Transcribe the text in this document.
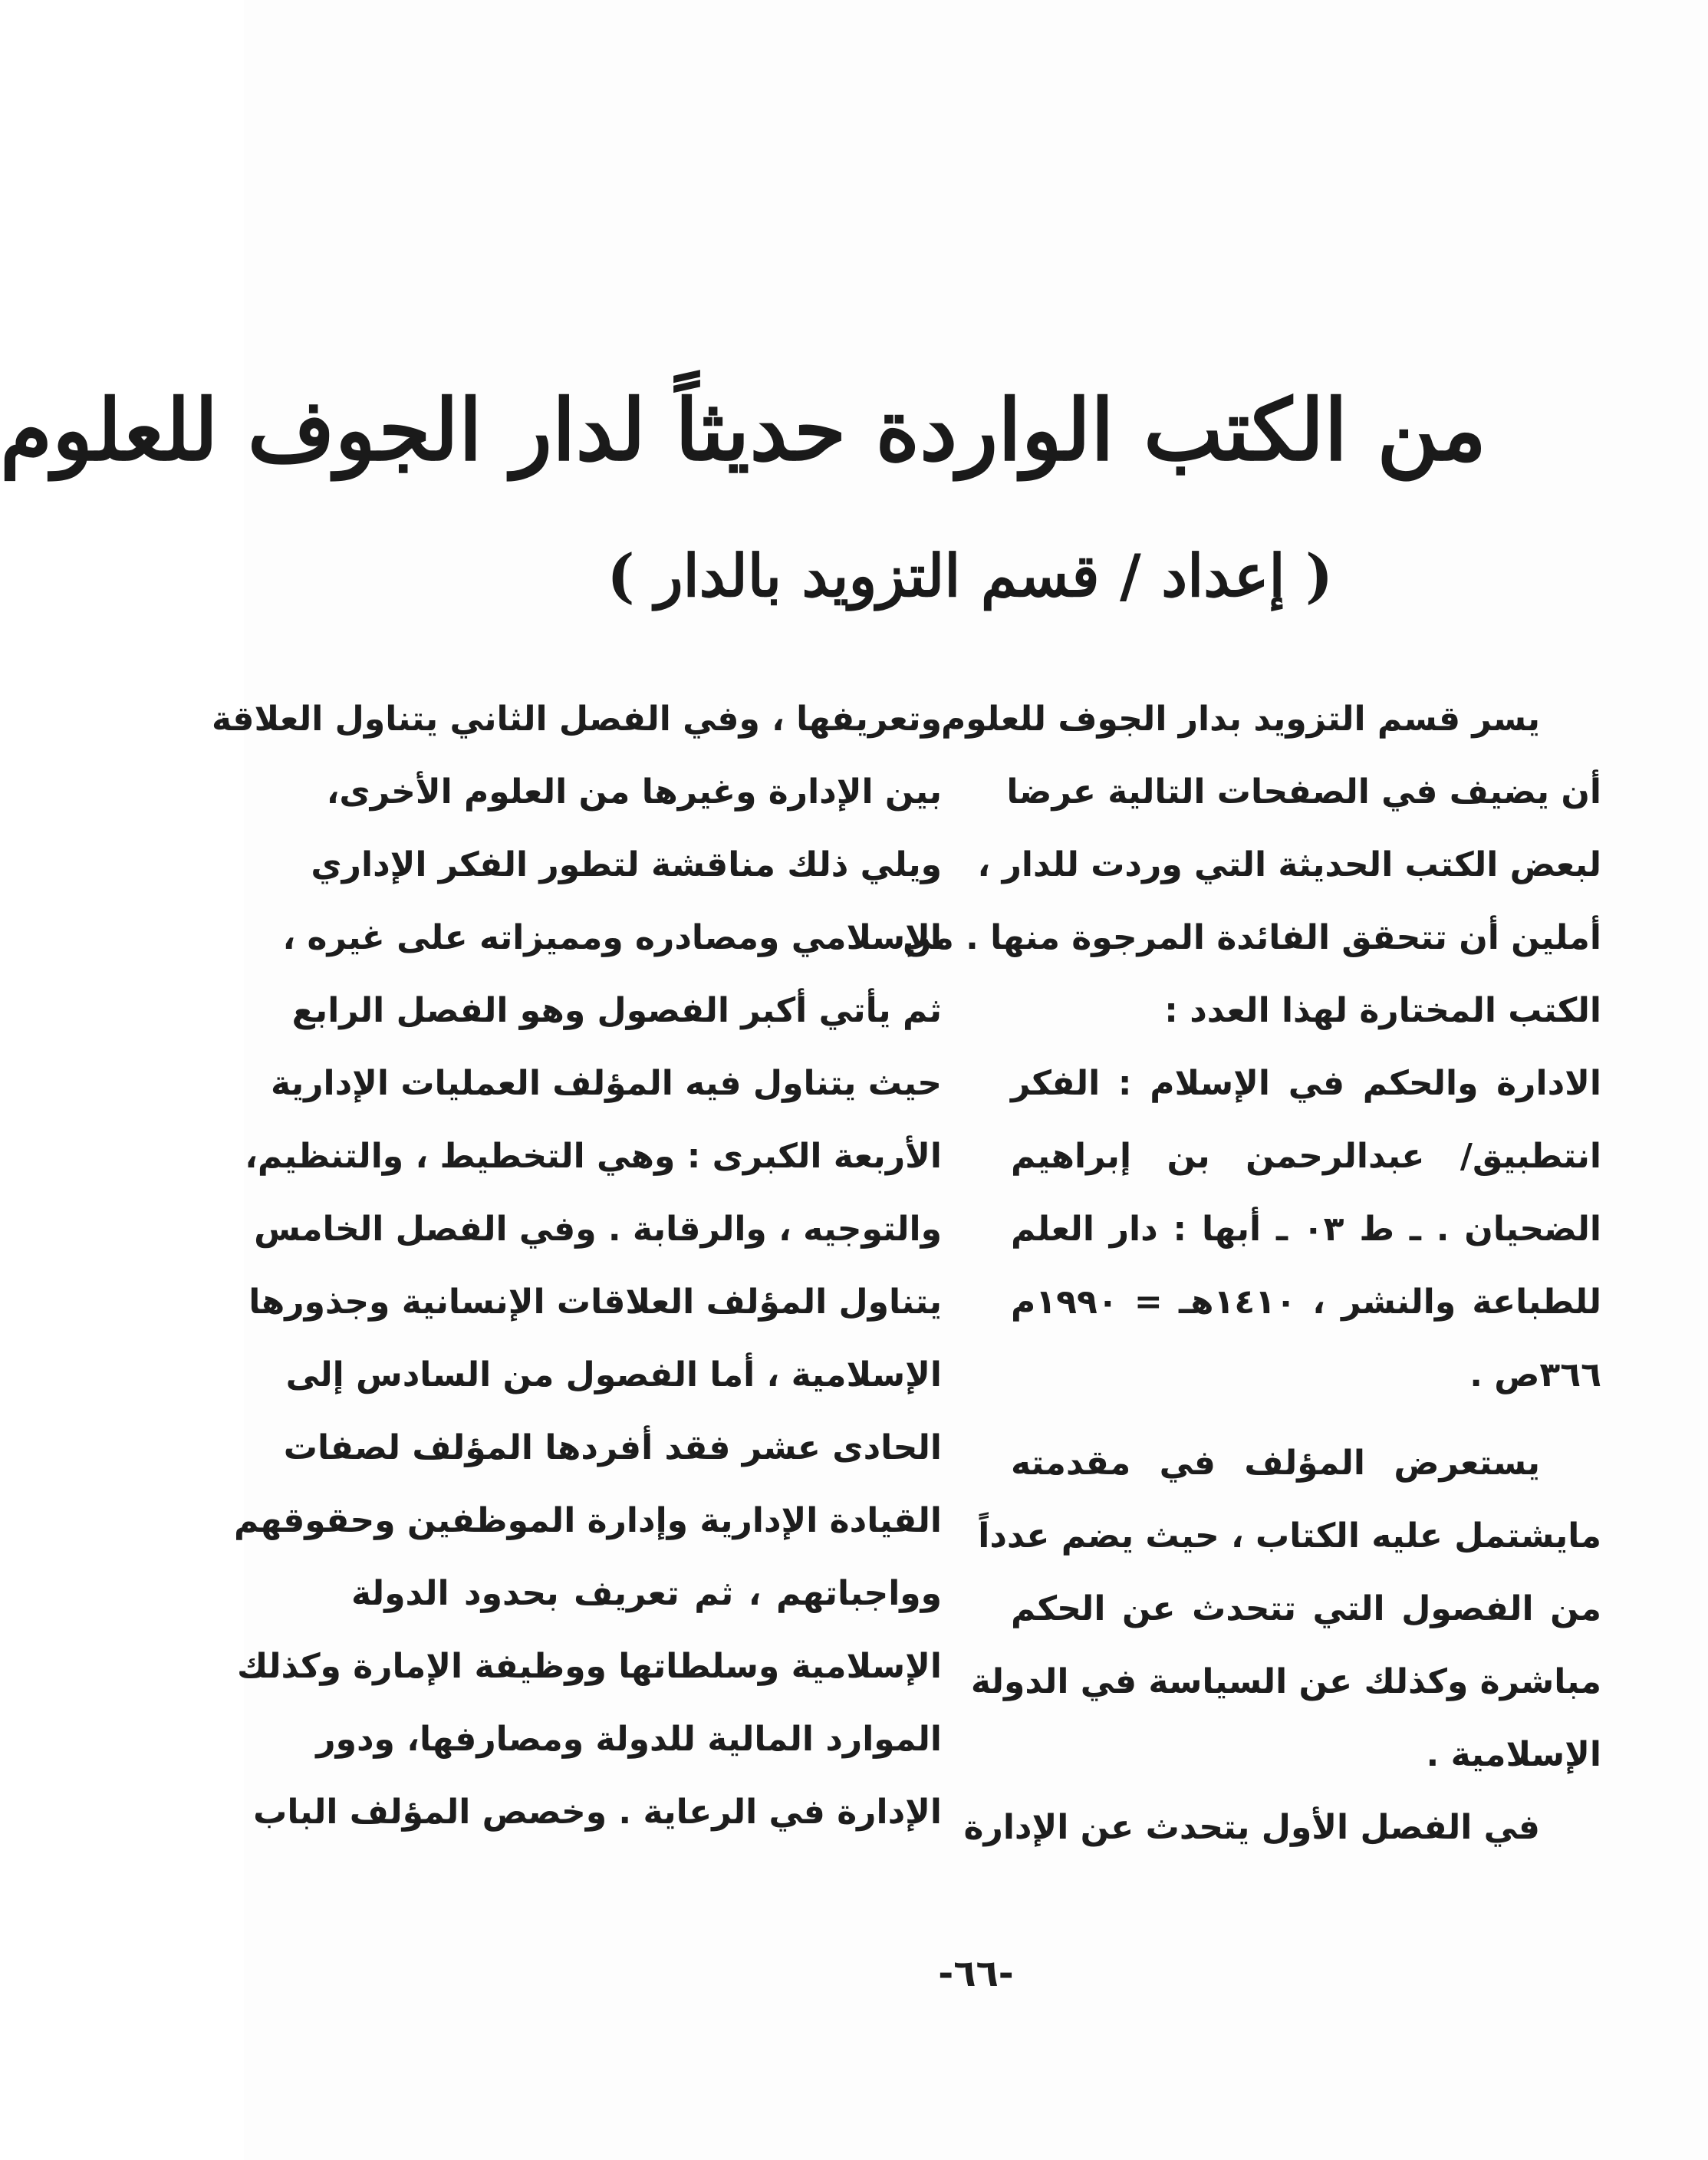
من الكتب الواردة حديثاً لدار الجوف للعلوم
( إعداد / قسم التزويد بالدار )
يسر قسم التزويد بدار الجوف للعلوم
أن يضيف في الصفحات التالية عرضا
لبعض الكتب الحديثة التي وردت للدار ،
أملين أن تتحقق الفائدة المرجوة منها . من
الكتب المختارة لهذا العدد :
الادارة والحكم في الإسلام : الفكر
انتطبيق/ عبدالرحمن بن إبراهيم
الضحيان . ـ ط ٠٣ ـ أبها : دار العلم
للطباعة والنشر ، ١٤١٠هـ = ١٩٩٠م
٣٦٦ص .
يستعرض المؤلف في مقدمته
مايشتمل عليه الكتاب ، حيث يضم عدداً
من الفصول التي تتحدث عن الحكم
مباشرة وكذلك عن السياسة في الدولة
الإسلامية .
في الفصل الأول يتحدث عن الإدارة
وتعريفها ، وفي الفصل الثاني يتناول العلاقة
بين الإدارة وغيرها من العلوم الأخرى،
ويلي ذلك مناقشة لتطور الفكر الإداري
الإسلامي ومصادره ومميزاته على غيره ،
ثم يأتي أكبر الفصول وهو الفصل الرابع
حيث يتناول فيه المؤلف العمليات الإدارية
الأربعة الكبرى : وهي التخطيط ، والتنظيم،
والتوجيه ، والرقابة . وفي الفصل الخامس
يتناول المؤلف العلاقات الإنسانية وجذورها
الإسلامية ، أما الفصول من السادس إلى
الحادى عشر فقد أفردها المؤلف لصفات
القيادة الإدارية وإدارة الموظفين وحقوقهم
وواجباتهم ، ثم تعريف بحدود الدولة
الإسلامية وسلطاتها ووظيفة الإمارة وكذلك
الموارد المالية للدولة ومصارفها، ودور
الإدارة في الرعاية . وخصص المؤلف الباب
-٦٦-
